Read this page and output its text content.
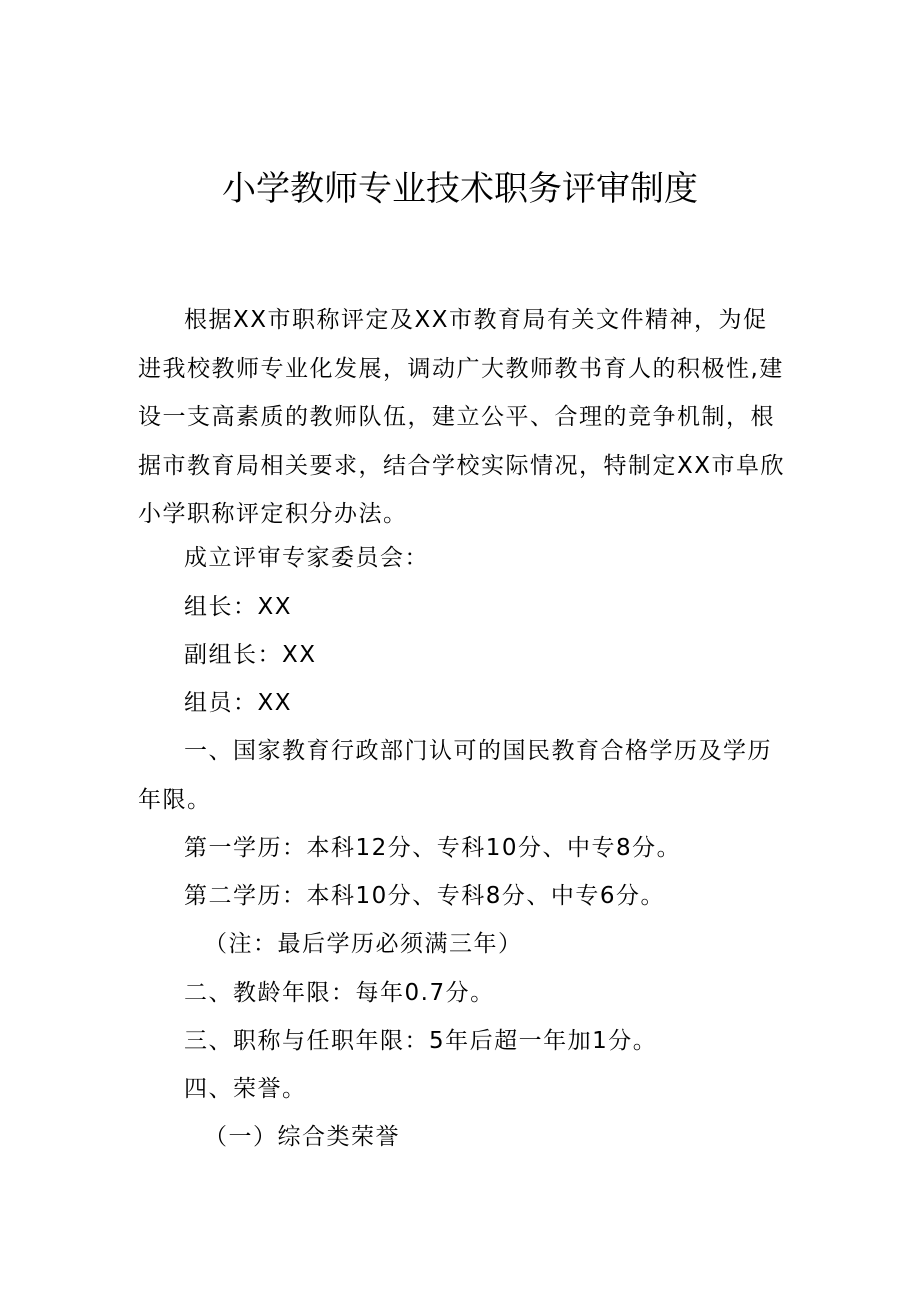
小学教师专业技术职务评审制度
根据XX市职称评定及XX市教育局有关文件精神，为促进我校教师专业化发展，调动广大教师教书育人的积极性,建设一支高素质的教师队伍，建立公平、合理的竞争机制，根据市教育局相关要求，结合学校实际情况，特制定XX市阜欣小学职称评定积分办法。
成立评审专家委员会：
组长：XX
副组长：XX
组员：XX
一、国家教育行政部门认可的国民教育合格学历及学历年限。
第一学历：本科12分、专科10分、中专8分。
第二学历：本科10分、专科8分、中专6分。
（注：最后学历必须满三年）
二、教龄年限：每年0.7分。
三、职称与任职年限：5年后超一年加1分。
四、荣誉。
（一）综合类荣誉
